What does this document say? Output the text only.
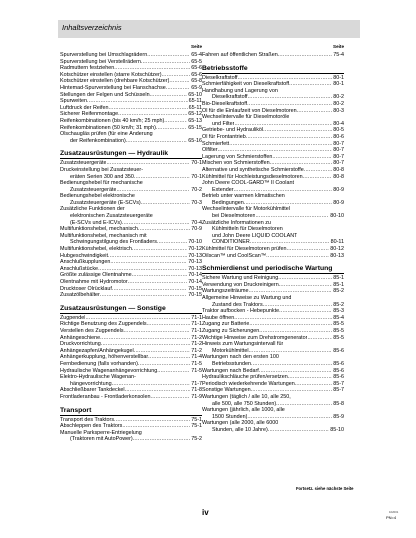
Inhaltsverzeichnis
Seite
Spurverstellung bei Umschlagrädern .....	65-4
Spurverstellung bei Verstellrädern .....	65-5
Radmuttern festziehen .....	65-6
Kotschützer einstellen (starre Kotschützer) .....	65-6
Kotschützer einstellen (drehbare Kotschützer) .....	65-8
Hintemad-Spurverstellung bei Flanschachse .....	65-9
Stellungen der Felgen und Schüsseln .....	65-10
Spurweiten .....	65-11
Luftdruck der Reifen .....	65-11
Sicherer Reifenmontage .....	65-12
Reifenkombinationen (bis 40 km/h; 25 mph) .....	65-13
Reifenkombinationen (50 km/h; 31 mph) .....	65-15
Ölschaugläs prüfen (für eine Änderung
der Reifenkombination) .....	65-16
Zusatzausrüstungen — Hydraulik
Zusatzsteuergeräte .....	70-1
Druckeinstellung bei Zusatzsteuer-
eräten Serien 300 and 350 .....	70-1
Bedienungshebel für mechanische
Zusatzsteuergeräte .....	70-2
Bedienungshebel elektronische
Zusatzsteuergeräte (E-SCVs) .....	70-3
Zusätzliche Funktionen der
elektronischen Zusatzsteuergeräte
(E-SCVs und E-ICVs) .....	70-4
Multifunktionshebel, mechanisch .....	70-9
Multifunktionshebel, mechanisch mit
Schwingungstilgung des Frontladers .....	70-10
Multifunktionshebel, elektrisch .....	70-12
Hubgeschwindigkeit .....	70-13
Anschlußkupplungen .....	70-13
Anschlußstücke .....	70-13
Größte zulässige Ölentnahme .....	70-14
Ölentnahme mit Hydromotor .....	70-14
Drucktoser Ölrücklauf .....	70-15
Zusatzölbehälter .....	70-15
Zusatzausrüstungen — Sonstige
Zugpendel .....	71-1
Richtige Benutzung des Zugpendels .....	71-1
Verstellen des Zugpendels .....	71-1
Anhängeschiene .....	71-2
Druckvorrichtung .....	71-2
Anhängezapfen/Anhängekugel .....	71-2
Anhängerkupplung, höhenverstellbar .....	71-4
Fernbedienung (falls vorhanden) .....	71-5
Hydraulische Wagenanhängevorrichtung .....	71-5
Elektro-Hydraulische Wagenan-
hängevorrichtung .....	71-7
Abschließbarer Tankdeckel .....	71-8
Frontladeranbau - Frontladerkonsolen .....	71-9
Transport
Transport des Traktors .....	75-1
Abschleppen des Traktors .....	75-1
Manuelle Parksperre-Entriegelung
(Traktoren mit AutoPower) .....	75-2
Seite
Fahren auf öffentlichen Straßen .....	75-4
Betriebsstoffe
Dieselkraftstoff .....	80-1
Schmierfähigkeit von Dieselkraftstoff .....	80-1
Handhabung und Lagerung von
Dieselkraftstoff .....	80-2
Bio-Dieselkraftstoff .....	80-2
Öl für die Einlaufzeit von Dieselmotoren .....	80-3
Wechselintervalle für Dieselmotoröle
und Filter .....	80-4
Getriebe- und Hydrauliköl .....	80-5
Öl für Frontantrieb .....	80-6
Schmierfett .....	80-7
Ölfilter .....	80-7
Lagerung von Schmierstoffen .....	80-7
Mischen von Schmierstoffen .....	80-7
Alternative und synthetische Schmierstoffe .....	80-8
Kühlmittel für Hochleistungsdieselmotoren .....	80-8
John Deere COOL-GARD™ II Coolant
Extender .....	80-9
Betrieb unter warmen klimatischen
Bedingungen .....	80-9
Wechselintervalle für Motorkühlmittel
bei Dieselmotoren .....	80-10
Zusätzliche Informationen zu
Kühlmitteln für Dieselmotoren
und John Deere LIQUID COOLANT
CONDITIONER .....	80-11
Kühlmittel für Dieselmotoren prüfen .....	80-12
Oilscan™ und CoolScan™ .....	80-13
Schmierdienst und periodische Wartung
Sichere Wartung und Reinigung .....	85-1
Verwendung von Druckreinigern .....	85-1
Wartungszeiträume .....	85-2
Allgemeine Hinweise zu Wartung und
Zustand des Traktors .....	85-2
Traktor aufbocken - Hebepunkte .....	85-3
Haube öffnen .....	85-4
Zugang zur Batterie .....	85-5
Zugang zu Sicherungen .....	85-5
Wichtige Hinweise zum Drehstromgenerator .....	85-5
Hinweis zum Wartungsintervall für
Motorkühlmittel .....	85-6
Wartungen nach den ersten 100
Betriebsstunden .....	85-6
Wartungen nach Bedarf .....	85-6
Hydraulikschläuche prüfen/ersetzen .....	85-6
Periodisch wiederkehrende Wartungen .....	85-7
Sonstige Wartungen .....	85-7
Wartungen (täglich / alle 10, alle 250,
alle 500, alle 750 Stunden) .....	85-8
Wartungen (jährlich, alle 1000, alle
1500 Stunden) .....	85-9
Wartungen (alle 2000, alle 6000
Stunden, alle 10 Jahre) .....	85-10
Fortsetz. siehe nächste Seite
iv	102001
PN=4
